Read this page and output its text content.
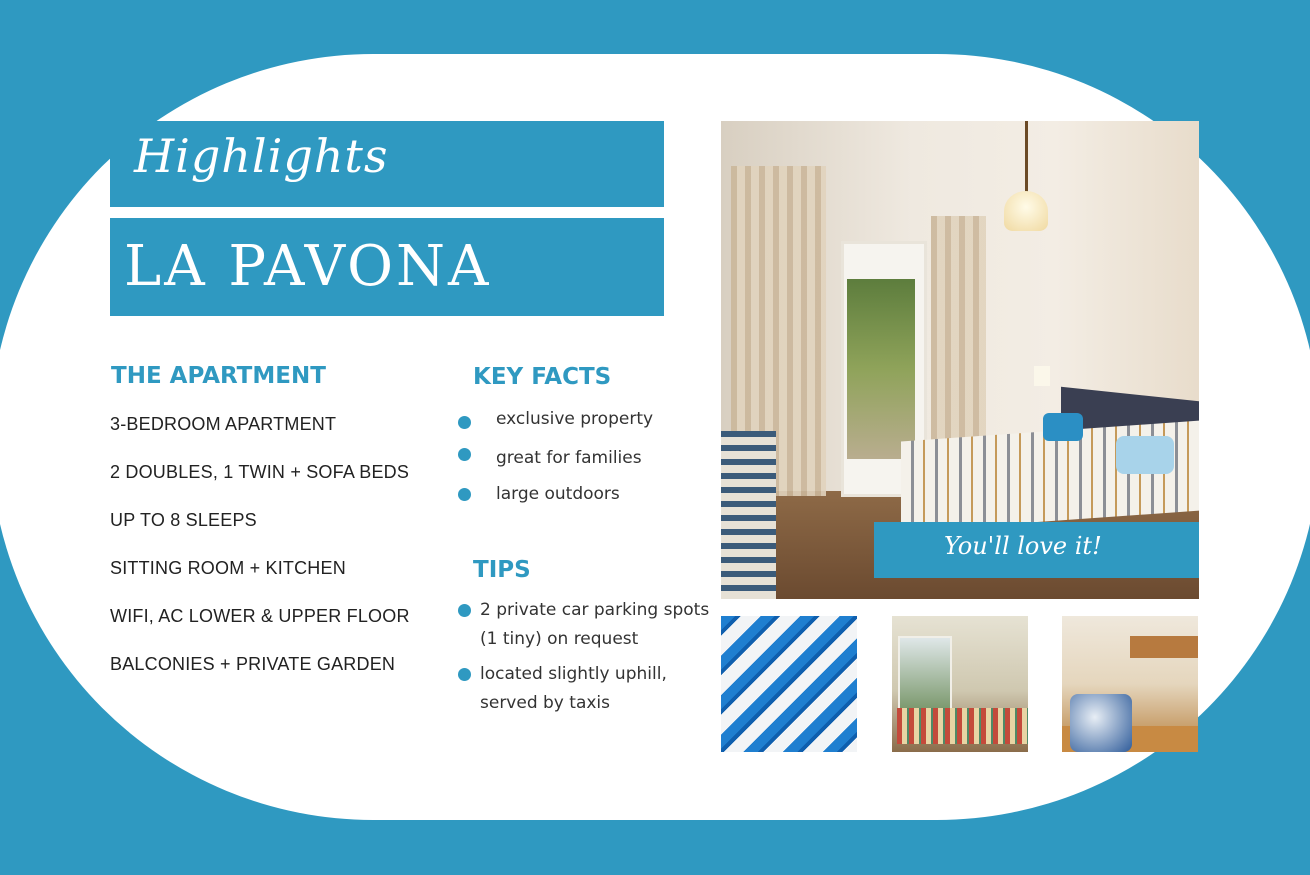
Highlights
LA PAVONA
THE APARTMENT
3-BEDROOM APARTMENT
2 DOUBLES, 1 TWIN + SOFA BEDS
UP TO 8 SLEEPS
SITTING ROOM + KITCHEN
WIFI, AC LOWER & UPPER FLOOR
BALCONIES + PRIVATE GARDEN
KEY FACTS
exclusive property
great for families
large outdoors
TIPS
2 private car parking spots (1 tiny) on request
located slightly uphill, served by taxis
You'll love it!
